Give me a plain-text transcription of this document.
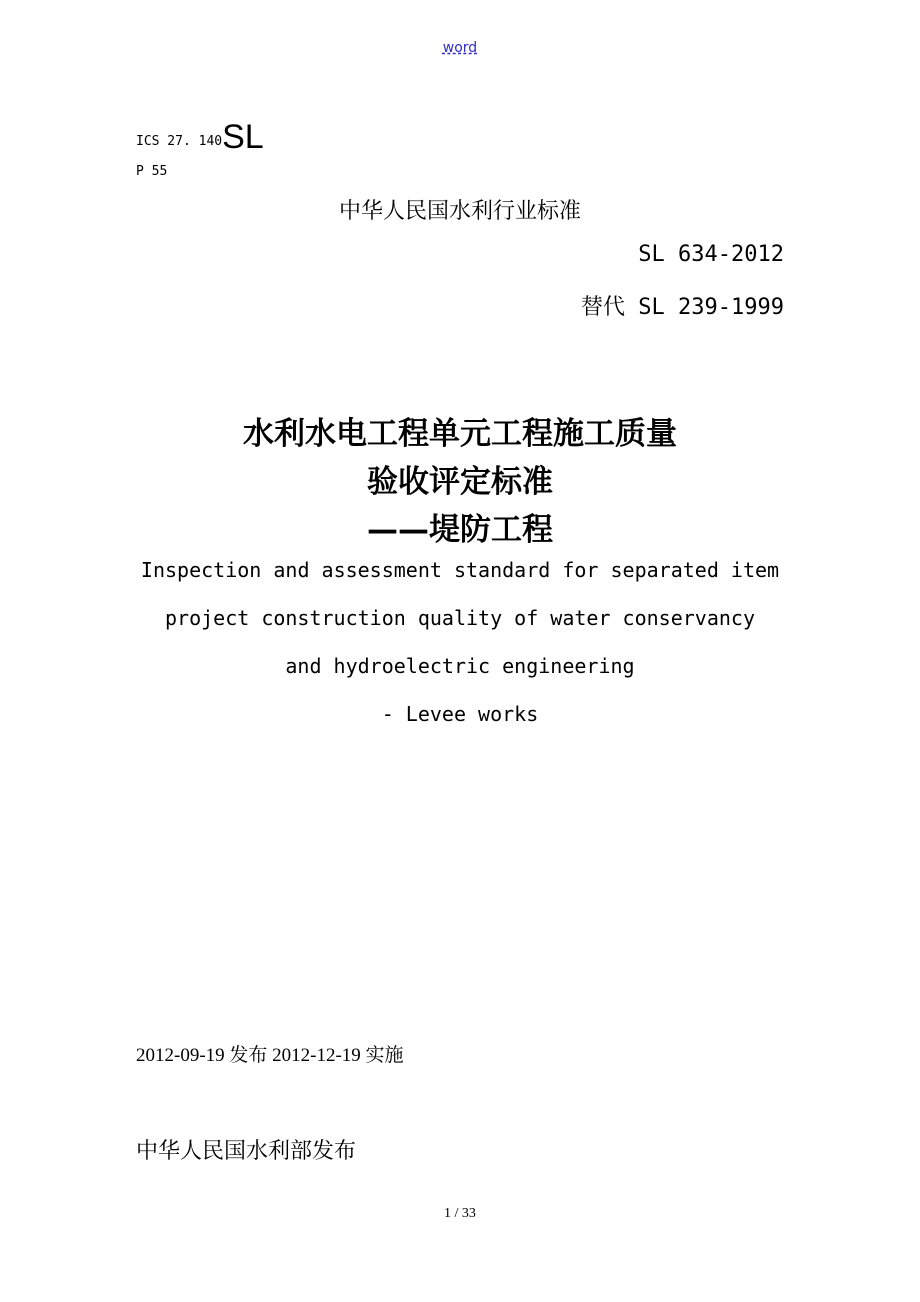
word
ICS 27. 140SL
P 55
中华人民国水利行业标准
SL 634-2012
替代 SL 239-1999
水利水电工程单元工程施工质量
验收评定标准
——堤防工程
Inspection and assessment standard for separated item
project construction quality of water conservancy
and hydroelectric engineering
- Levee works
2012-09-19 发布 2012-12-19 实施
中华人民国水利部发布
1 / 33
